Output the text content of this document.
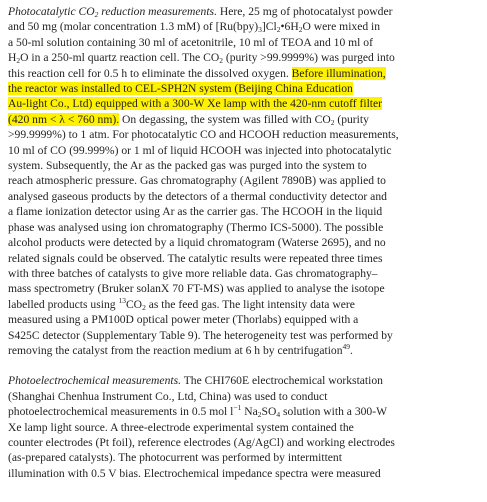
Photocatalytic $CO_2$ reduction measurements. Here, 25 mg of photocatalyst powder
and 50 mg (molar concentration 1.3 mM) of $[Ru(bpy)_3]Cl_2•6H_2O$ were mixed in
a 50-ml solution containing 30 ml of acetonitrile, 10 ml of TEOA and 10 ml of
$H_2O$ in a 250-ml quartz reaction cell. The $CO_2$ (purity >99.9999%) was purged into
this reaction cell for 0.5 h to eliminate the dissolved oxygen. Before illumination,
the reactor was installed to CEL-SPH2N system (Beijing China Education
Au-light Co., Ltd) equipped with a 300-W Xe lamp with the 420-nm cutoff filter
(420 nm < λ < 760 nm). On degassing, the system was filled with $CO_2$ (purity
>99.9999%) to 1 atm. For photocatalytic CO and HCOOH reduction measurements,
10 ml of CO (99.999%) or 1 ml of liquid HCOOH was injected into photocatalytic
system. Subsequently, the Ar as the packed gas was purged into the system to
reach atmospheric pressure. Gas chromatography (Agilent 7890B) was applied to
analysed gaseous products by the detectors of a thermal conductivity detector and
a flame ionization detector using Ar as the carrier gas. The HCOOH in the liquid
phase was analysed using ion chromatography (Thermo ICS-5000). The possible
alcohol products were detected by a liquid chromatogram (Waterse 2695), and no
related signals could be observed. The catalytic results were repeated three times
with three batches of catalysts to give more reliable data. Gas chromatography–
mass spectrometry (Bruker solanX 70 FT-MS) was applied to analyse the isotope
labelled products using $^{13}CO_2$ as the feed gas. The light intensity data were
measured using a PM100D optical power meter (Thorlabs) equipped with a
S425C detector (Supplementary Table 9). The heterogeneity test was performed by
removing the catalyst from the reaction medium at 6 h by centrifugation$^{49}$.
Photoelectrochemical measurements. The CHI760E electrochemical workstation
(Shanghai Chenhua Instrument Co., Ltd, China) was used to conduct
photoelectrochemical measurements in 0.5 mol $l^{-1}$ $Na_2SO_4$ solution with a 300-W
Xe lamp light source. A three-electrode experimental system contained the
counter electrodes (Pt foil), reference electrodes (Ag/AgCl) and working electrodes
(as-prepared catalysts). The photocurrent was performed by intermittent
illumination with 0.5 V bias. Electrochemical impedance spectra were measured
